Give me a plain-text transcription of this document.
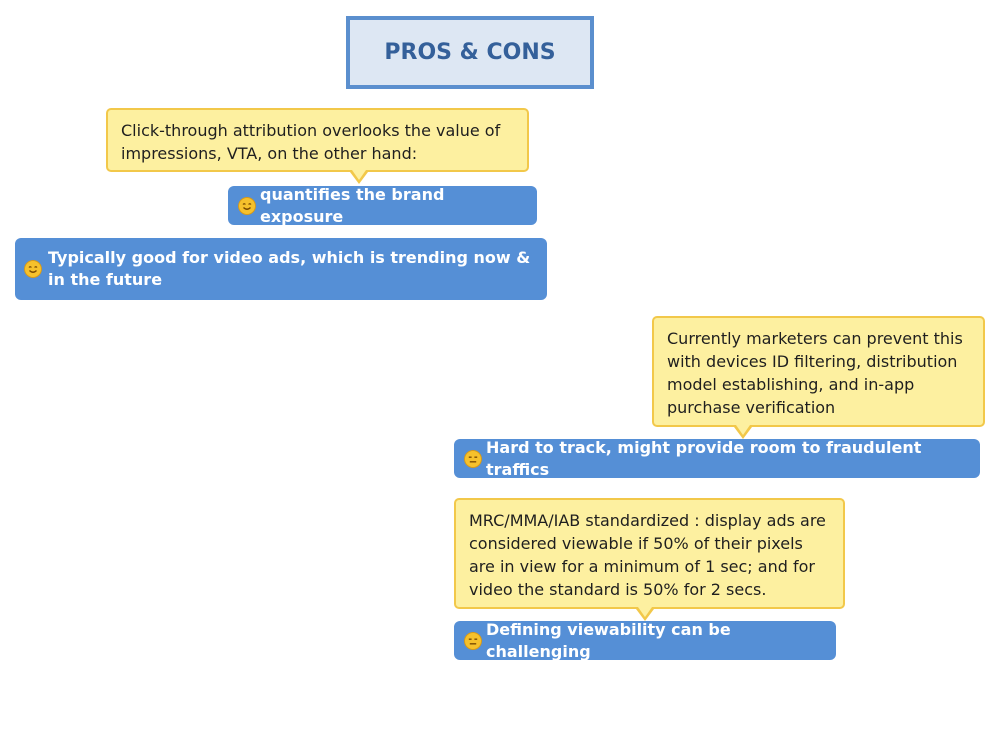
PROS & CONS
Click-through attribution overlooks the value of impressions, VTA, on the other hand:
quantifies the brand exposure
Typically good for video ads, which is trending now & in the future
Currently marketers can prevent this with devices ID filtering, distribution model establishing, and in-app purchase verification
Hard to track, might provide room to fraudulent traffics
MRC/MMA/IAB standardized : display ads are considered viewable if 50% of their pixels are in view for a minimum of 1 sec; and for video the standard is 50% for 2 secs.
Defining viewability can be challenging
